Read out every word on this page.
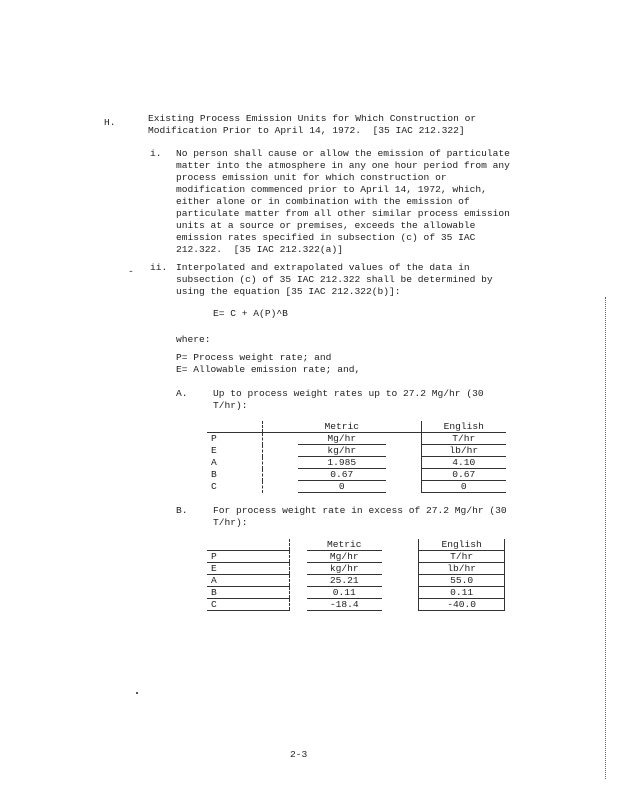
H.	Existing Process Emission Units for Which Construction or
Modification Prior to April 14, 1972.  [35 IAC 212.322]
i. No person shall cause or allow the emission of particulate
matter into the atmosphere in any one hour period from any
process emission unit for which construction or
modification commenced prior to April 14, 1972, which,
either alone or in combination with the emission of
particulate matter from all other similar process emission
units at a source or premises, exceeds the allowable
emission rates specified in subsection (c) of 35 IAC
212.322.  [35 IAC 212.322(a)]
- ii. Interpolated and extrapolated values of the data in
subsection (c) of 35 IAC 212.322 shall be determined by
using the equation [35 IAC 212.322(b)]:
E= C + A(P)^B
where:
P= Process weight rate; and
E= Allowable emission rate; and,
A.	Up to process weight rates up to 27.2 Mg/hr (30
T/hr):
		Metric		English
P		Mg/hr		T/hr
E		kg/hr		lb/hr
A		1.985		4.10
B		0.67		0.67
C		0		0
B.	For process weight rate in excess of 27.2 Mg/hr (30
T/hr):
		Metric		English
P		Mg/hr		T/hr
E		kg/hr		lb/hr
A		25.21		55.0
B		0.11		0.11
C		-18.4		-40.0
2-3
